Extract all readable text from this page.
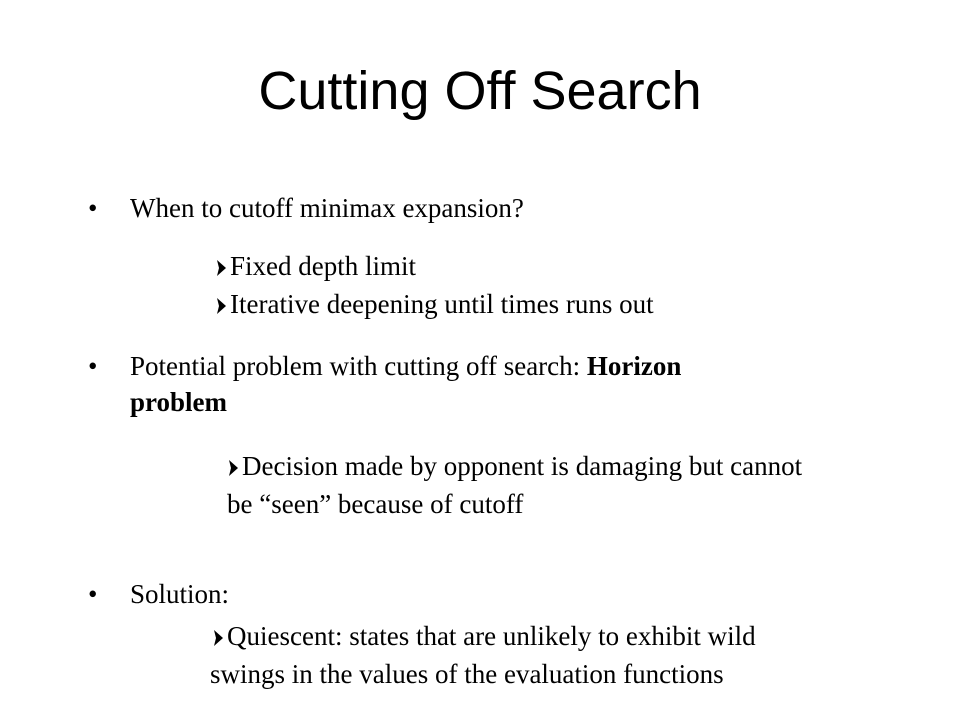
Cutting Off Search
• When to cutoff minimax expansion?
Fixed depth limit
Iterative deepening until times runs out
• Potential problem with cutting off search: Horizon
problem
Decision made by opponent is damaging but cannot
be “seen” because of cutoff
• Solution:
Quiescent: states that are unlikely to exhibit wild
swings in the values of the evaluation functions
